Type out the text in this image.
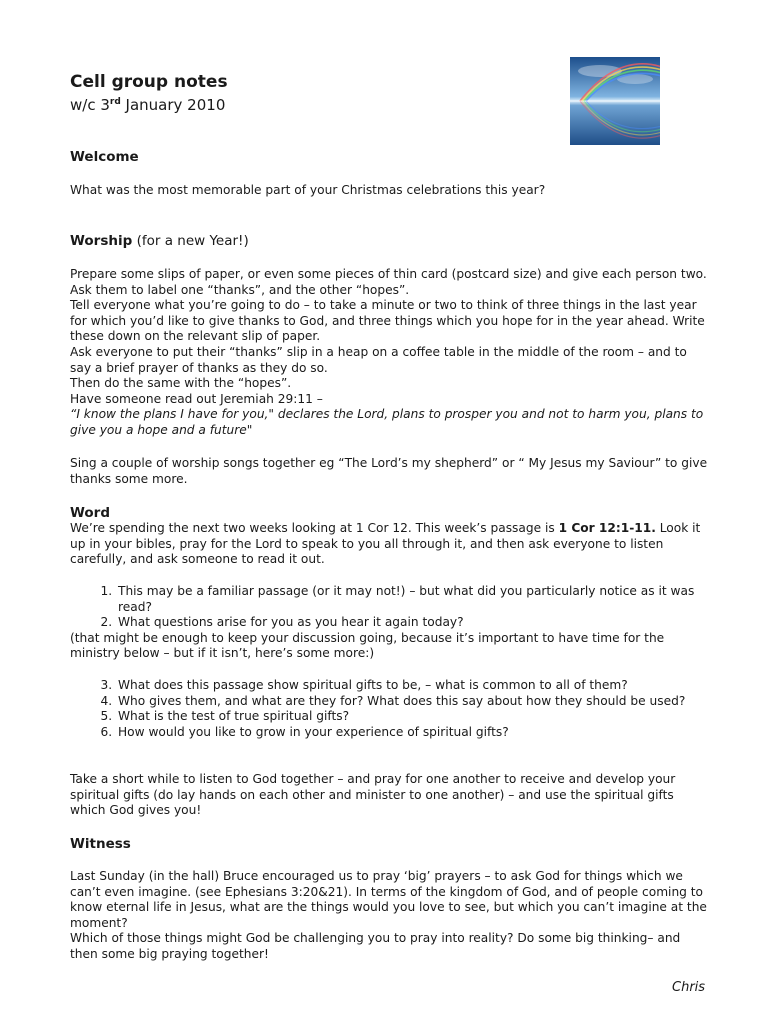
Cell group notes
w/c 3rd January 2010
Welcome

What was the most memorable part of your Christmas celebrations this year?

Worship (for a new Year!)

Prepare some slips of paper, or even some pieces of thin card (postcard size) and give each person two. Ask them to label one “thanks”, and the other “hopes”.

Tell everyone what you’re going to do – to take a minute or two to think of three things in the last year for which you’d like to give thanks to God, and three things which you hope for in the year ahead. Write these down on the relevant slip of paper.

Ask everyone to put their “thanks” slip in a heap on a coffee table in the middle of the room – and to say a brief prayer of thanks as they do so.

Then do the same with the “hopes”.

Have someone read out Jeremiah 29:11 –

“I know the plans I have for you," declares the Lord, plans to prosper you and not to harm you, plans to give you a hope and a future"

Sing a couple of worship songs together eg “The Lord’s my shepherd” or “ My Jesus my Saviour” to give thanks some more.

Word

We’re spending the next two weeks looking at 1 Cor 12. This week’s passage is 1 Cor 12:1-11. Look it up in your bibles, pray for the Lord to speak to you all through it, and then ask everyone to listen carefully, and ask someone to read it out.

1. This may be a familiar passage (or it may not!) – but what did you particularly notice as it was read?
2. What questions arise for you as you hear it again today?

(that might be enough to keep your discussion going, because it’s important to have time for the ministry below – but if it isn’t, here’s some more:)

3. What does this passage show spiritual gifts to be, – what is common to all of them?
4. Who gives them, and what are they for? What does this say about how they should be used?
5. What is the test of true spiritual gifts?
6. How would you like to grow in your experience of spiritual gifts?

Take a short while to listen to God together – and pray for one another to receive and develop your spiritual gifts (do lay hands on each other and minister to one another) – and use the spiritual gifts which God gives you!

Witness

Last Sunday (in the hall) Bruce encouraged us to pray ‘big’ prayers – to ask God for things which we can’t even imagine. (see Ephesians 3:20&21). In terms of the kingdom of God, and of people coming to know eternal life in Jesus, what are the things would you love to see, but which you can’t imagine at the moment?

Which of those things might God be challenging you to pray into reality? Do some big thinking– and then some big praying together!

Chris
